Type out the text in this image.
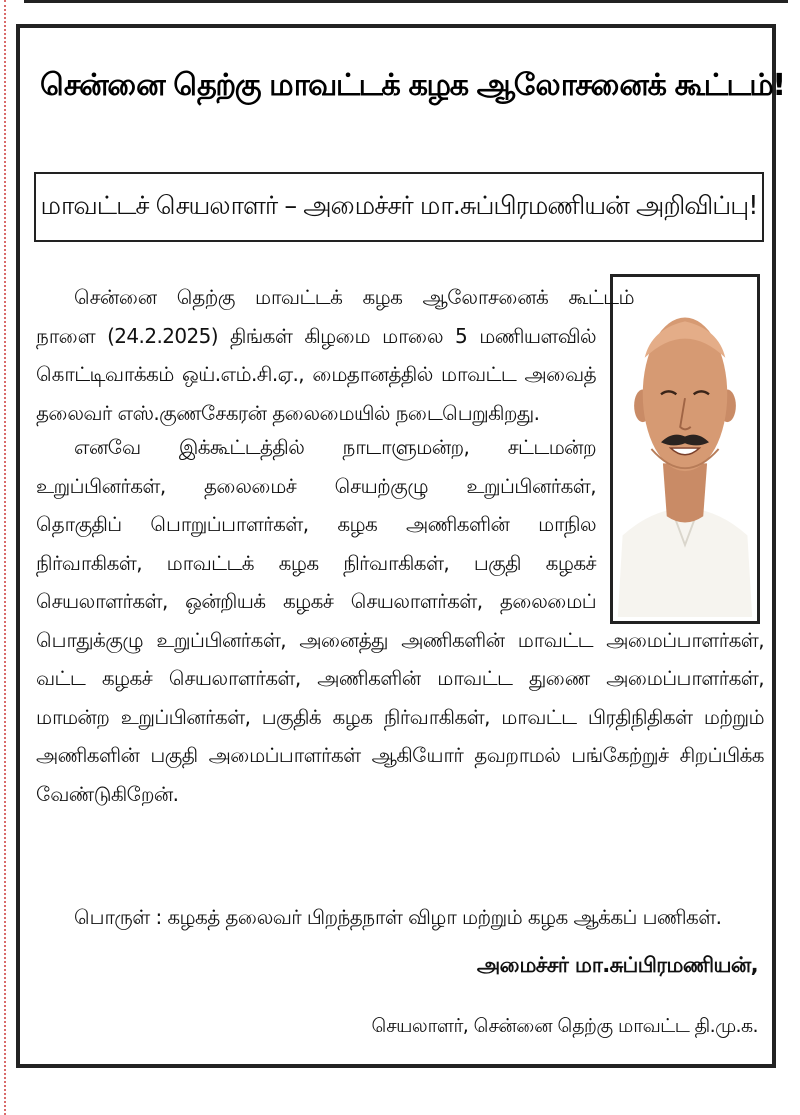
சென்னை தெற்கு மாவட்டக் கழக ஆலோசனைக் கூட்டம்!
மாவட்டச் செயலாளர் – அமைச்சர் மா.சுப்பிரமணியன் அறிவிப்பு!
சென்னை தெற்கு மாவட்டக் கழக ஆலோசனைக் கூட்டம்
நாளை (24.2.2025) திங்கள் கிழமை மாலை 5 மணியளவில்
கொட்டிவாக்கம் ஒய்.எம்.சி.ஏ., மைதானத்தில் மாவட்ட அவைத்
தலைவர் எஸ்.குணசேகரன் தலைமையில் நடைபெறுகிறது.
எனவே இக்கூட்டத்தில் நாடாளுமன்ற, சட்டமன்ற
உறுப்பினர்கள், தலைமைச் செயற்குழு உறுப்பினர்கள்,
தொகுதிப் பொறுப்பாளர்கள், கழக அணிகளின் மாநில
நிர்வாகிகள், மாவட்டக் கழக நிர்வாகிகள், பகுதி கழகச்
செயலாளர்கள், ஒன்றியக் கழகச் செயலாளர்கள், தலைமைப்
பொதுக்குழு உறுப்பினர்கள், அனைத்து அணிகளின் மாவட்ட அமைப்பாளர்கள்,
வட்ட கழகச் செயலாளர்கள், அணிகளின் மாவட்ட துணை அமைப்பாளர்கள்,
மாமன்ற உறுப்பினர்கள், பகுதிக் கழக நிர்வாகிகள், மாவட்ட பிரதிநிதிகள் மற்றும்
அணிகளின் பகுதி அமைப்பாளர்கள் ஆகியோர் தவறாமல் பங்கேற்றுச் சிறப்பிக்க
வேண்டுகிறேன்.
பொருள் : கழகத் தலைவர் பிறந்தநாள் விழா மற்றும் கழக ஆக்கப் பணிகள்.
அமைச்சர் மா.சுப்பிரமணியன்,
செயலாளர், சென்னை தெற்கு மாவட்ட தி.மு.க.
